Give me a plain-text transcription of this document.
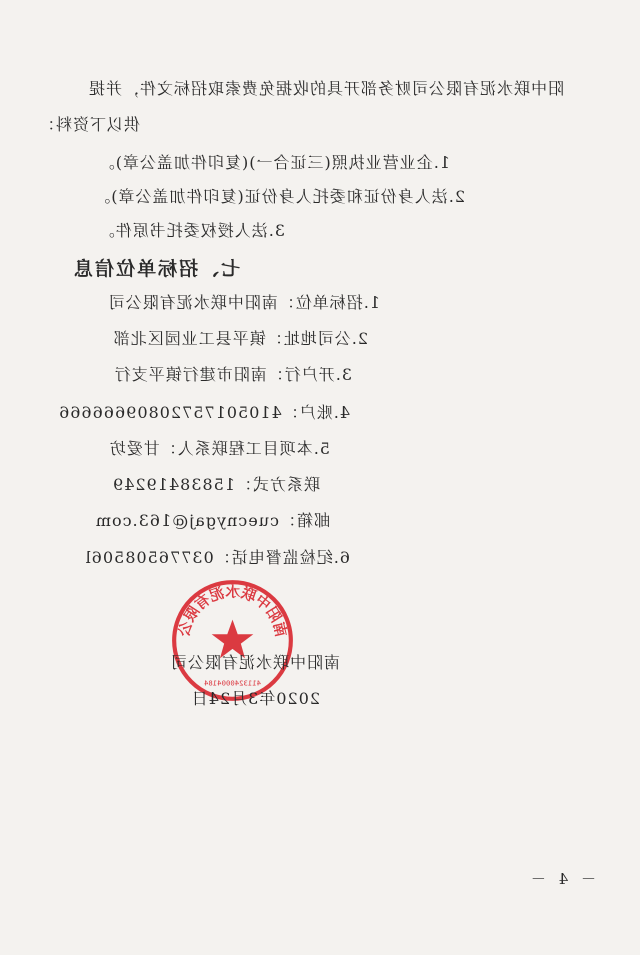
阳中联水泥有限公司财务部开具的收据免费索取招标文件，并提
供以下资料：
1.企业营业执照(三证合一)(复印件加盖公章)。
2.法人身份证和委托人身份证(复印件加盖公章)。
3.法人授权委托书原件。
七、招标单位信息
1.招标单位：南阳中联水泥有限公司
2.公司地址：镇平县工业园区北部
3.开户行：南阳市建行镇平支行
4.账户：41050175720809666666
5.本项目工程联系人：甘爱坊
联系方式：15838419249
邮箱：cuecnygaj@163.com
6.纪检监督电话：03776508506l
南阳中联水泥有限公
4113240004184
南阳中联水泥有限公司
2020年3月24日
－ 4 －
